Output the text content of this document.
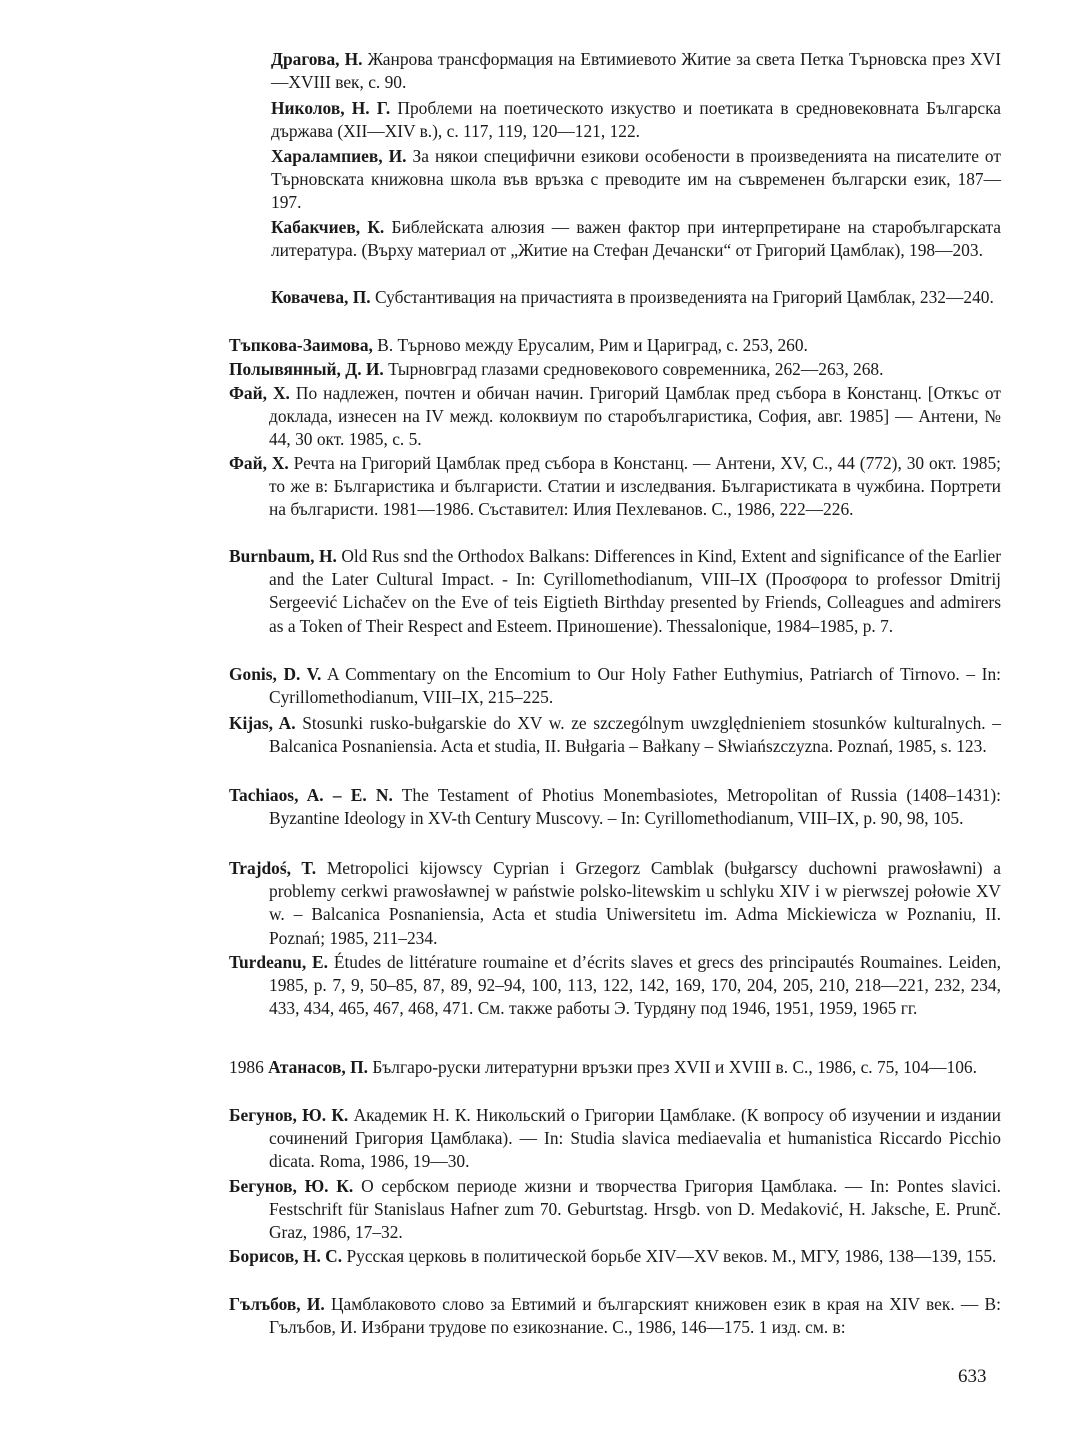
Драгова, Н. Жанрова трансформация на Евтимиевото Житие за света Петка Търновска през XVI—XVIII век, с. 90.

Николов, Н. Г. Проблеми на поетическото изкуство и поетиката в средновековната Българска държава (XII—XIV в.), с. 117, 119, 120—121, 122.

Харалампиев, И. За някои специфични езикови особености в произведенията на писателите от Търновската книжовна школа във връзка с преводите им на съвременен български език, 187—197.

Кабакчиев, К. Библейската алюзия — важен фактор при интерпретиране на старобългарската литература. (Върху материал от „Житие на Стефан Дечански“ от Григорий Цамблак), 198—203.

Ковачева, П. Субстантивация на причастията в произведенията на Григорий Цамблак, 232—240.

Тъпкова-Заимова, В. Търново между Ерусалим, Рим и Цариград, с. 253, 260.

Полывянный, Д. И. Тырновград глазами средновекового современника, 262—263, 268.

Фай, Х. По надлежен, почтен и обичан начин. Григорий Цамблак пред събора в Констанц. [Откъс от доклада, изнесен на IV межд. колоквиум по старобългаристика, София, авг. 1985] — Антени, № 44, 30 окт. 1985, с. 5.

Фай, Х. Речта на Григорий Цамблак пред събора в Констанц. — Антени, XV, С., 44 (772), 30 окт. 1985; то же в: Българистика и българисти. Статии и изследвания. Българистиката в чужбина. Портрети на българисти. 1981—1986. Съставител: Илия Пехлеванов. С., 1986, 222—226.

Burnbaum, H. Old Rus snd the Orthodox Balkans: Differences in Kind, Extent and significance of the Earlier and the Later Cultural Impact. - In: Cyrillomethodianum, VIII–IX (Προσφορα to professor Dmitrij Sergeević Lichačev on the Eve of teis Eigtieth Birthday presented by Friends, Colleagues and admirers as a Token of Their Respect and Esteem. Приношение). Thessalonique, 1984–1985, p. 7.

Gonis, D. V. A Commentary on the Encomium to Our Holy Father Euthymius, Patriarch of Tirnovo. – In: Cyrillomethodianum, VIII–IX, 215–225.

Kijas, A. Stosunki rusko-bułgarskie do XV w. ze szczególnym uwzględnieniem stosunków kulturalnych. – Balcanica Posnaniensia. Acta et studia, II. Bułgaria – Bałkany – Słwiańszczyzna. Poznań, 1985, s. 123.

Tachiaos, A. – E. N. The Testament of Photius Monembasiotes, Metropolitan of Russia (1408–1431): Byzantine Ideology in XV-th Century Muscovy. – In: Cyrillomethodianum, VIII–IX, p. 90, 98, 105.

Trajdoś, T. Metropolici kijowscy Cyprian i Grzegorz Camblak (bułgarscy duchowni prawosławni) a problemy cerkwi prawosławnej w państwie polsko-litewskim u schlyku XIV i w pierwszej połowie XV w. – Balcanica Posnaniensia, Acta et studia Uniwersitetu im. Adma Mickiewicza w Poznaniu, II. Poznań; 1985, 211–234.

Turdeanu, E. Études de littérature roumaine et d’écrits slaves et grecs des principautés Roumaines. Leiden, 1985, p. 7, 9, 50–85, 87, 89, 92–94, 100, 113, 122, 142, 169, 170, 204, 205, 210, 218—221, 232, 234, 433, 434, 465, 467, 468, 471. См. также работы Э. Турдяну под 1946, 1951, 1959, 1965 гг.

1986 Атанасов, П. Българо-руски литературни връзки през XVII и XVIII в. С., 1986, с. 75, 104—106.

Бегунов, Ю. К. Академик Н. К. Никольский о Григории Цамблаке. (К вопросу об изучении и издании сочинений Григория Цамблака). — In: Studia slavica mediaevalia et humanistica Riccardo Picchio dicata. Roma, 1986, 19—30.

Бегунов, Ю. К. О сербском периоде жизни и творчества Григория Цамблака. — In: Pontes slavici. Festschrift für Stanislaus Hafner zum 70. Geburtstag. Hrsgb. von D. Medaković, H. Jaksche, E. Prunč. Graz, 1986, 17–32.

Борисов, Н. С. Русская церковь в политической борьбе XIV—XV веков. М., МГУ, 1986, 138—139, 155.

Гълъбов, И. Цамблаковото слово за Евтимий и българският книжовен език в края на XIV век. — В: Гълъбов, И. Избрани трудове по езикознание. С., 1986, 146—175. 1 изд. см. в:

633
